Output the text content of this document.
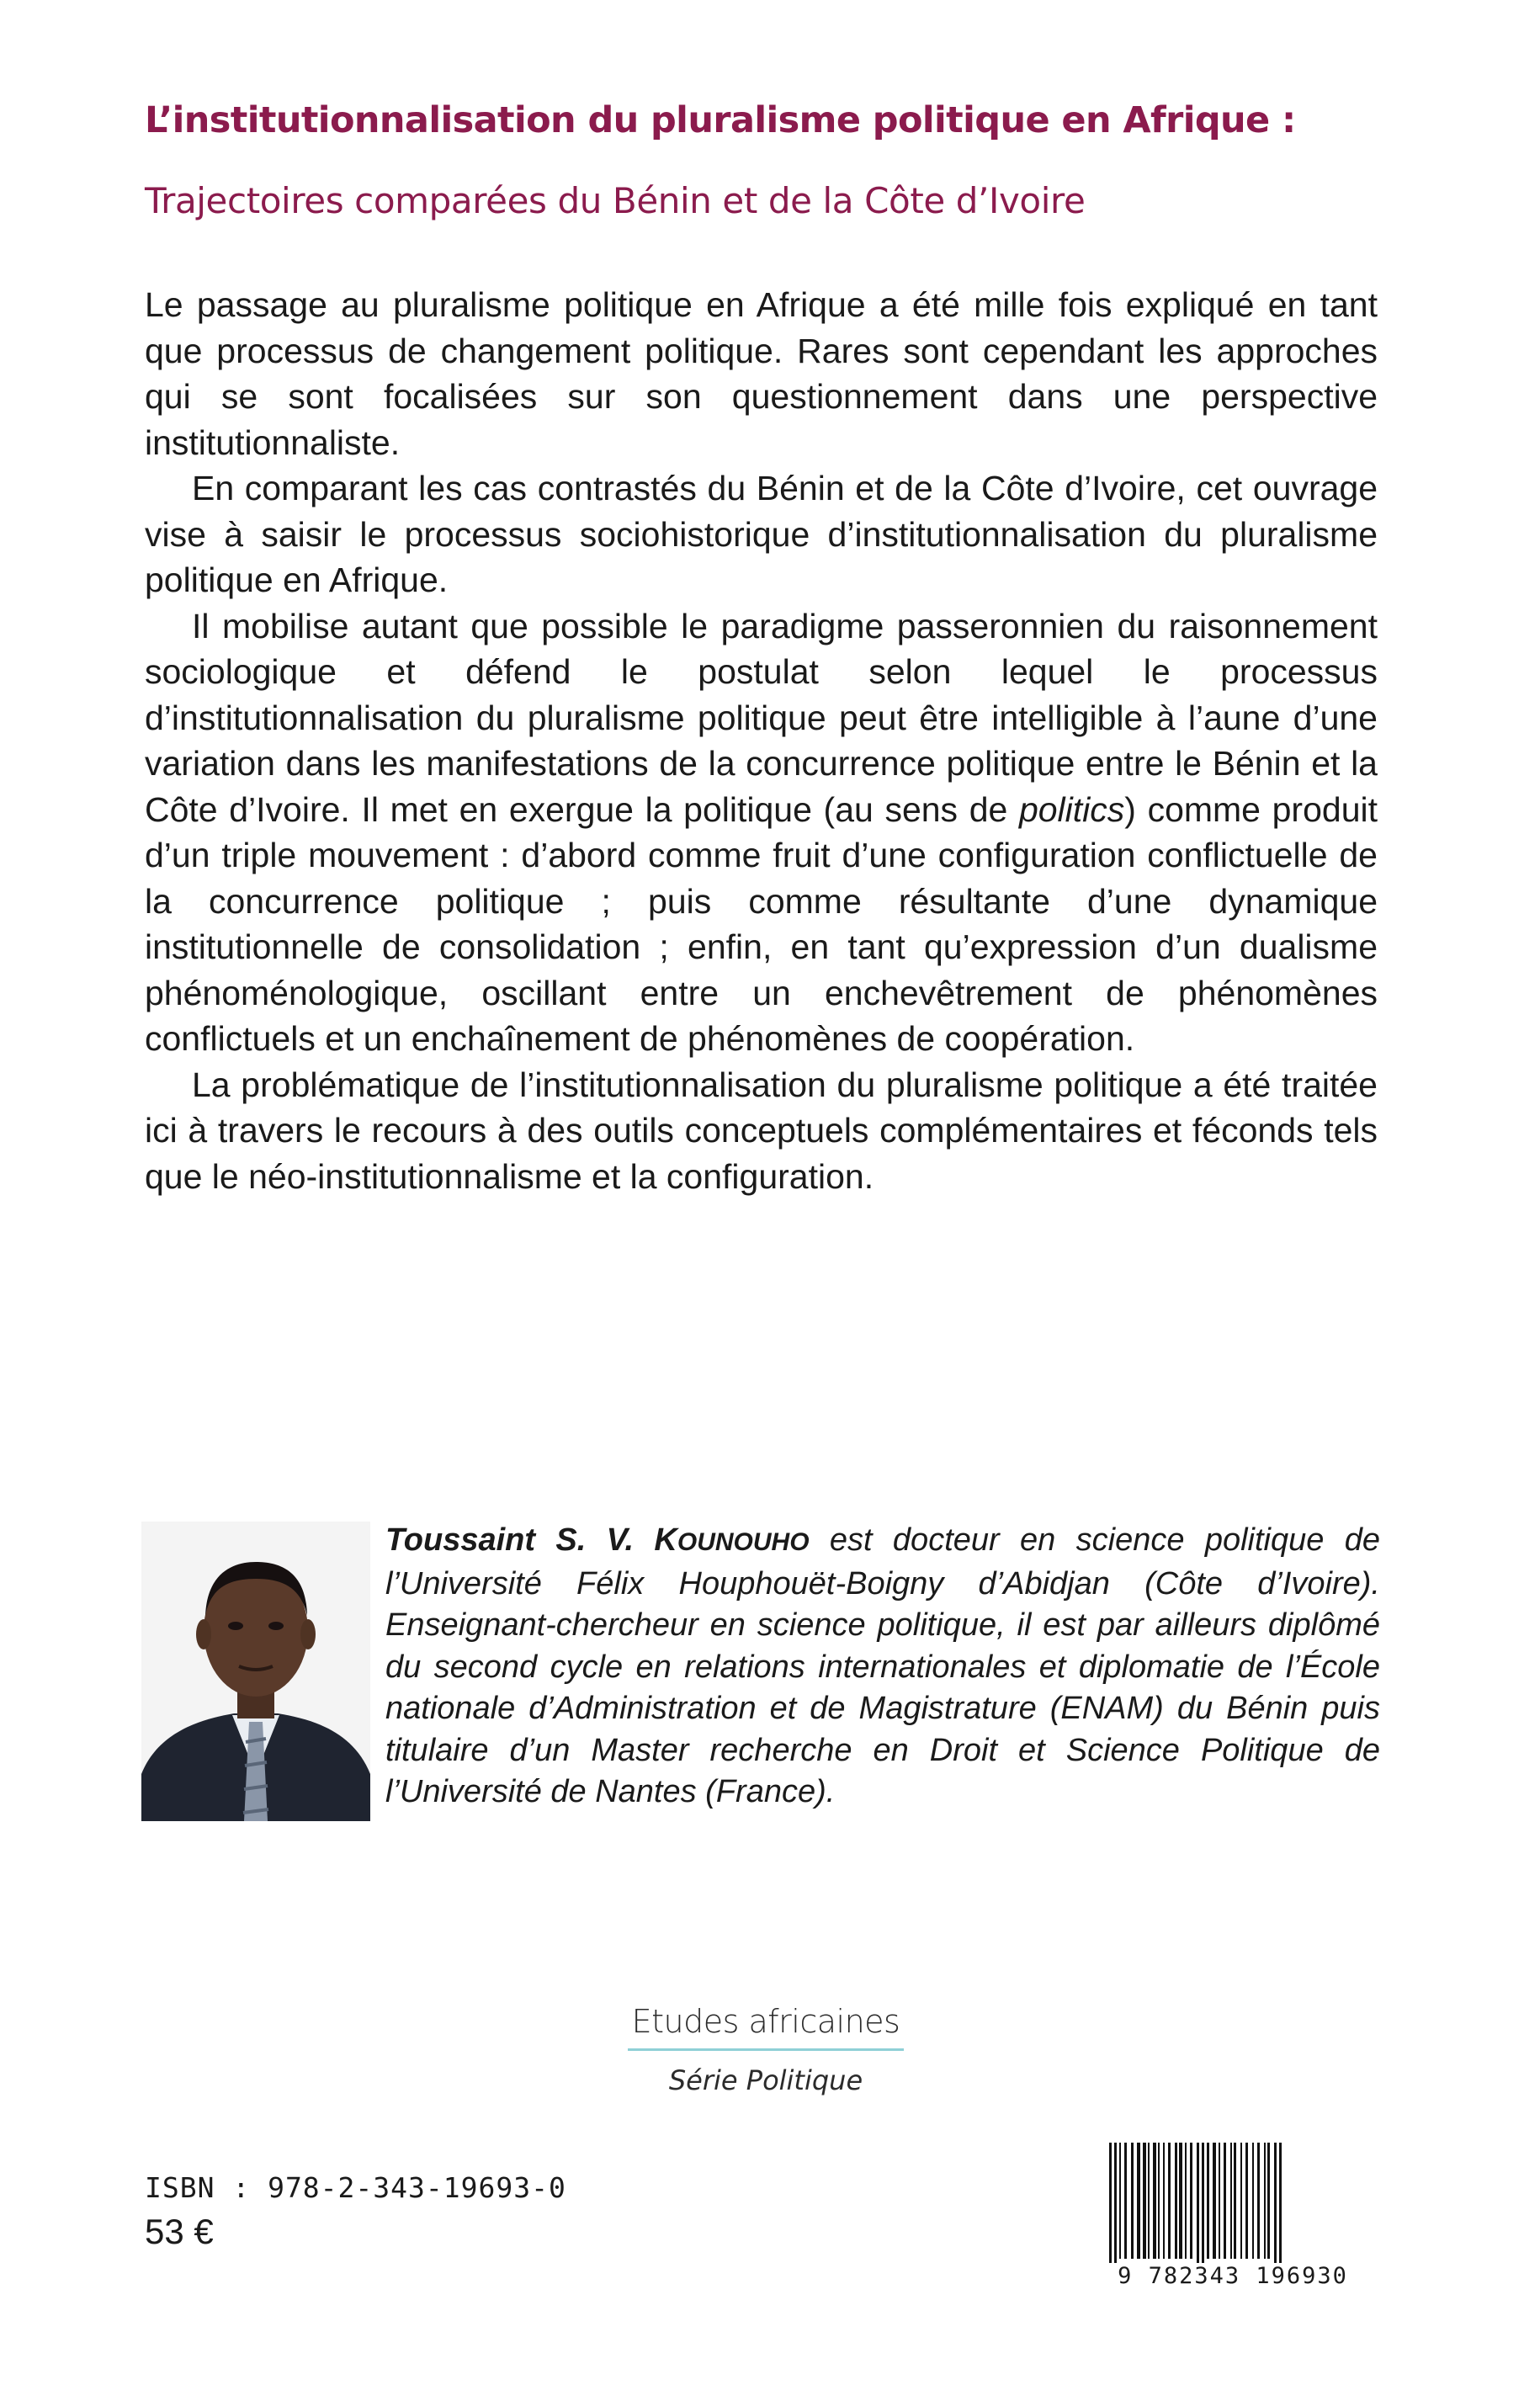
L’institutionnalisation du pluralisme politique en Afrique :
Trajectoires comparées du Bénin et de la Côte d’Ivoire

Le passage au pluralisme politique en Afrique a été mille fois expliqué en tant que processus de changement politique. Rares sont cependant les approches qui se sont focalisées sur son questionnement dans une perspective institutionnaliste.

En comparant les cas contrastés du Bénin et de la Côte d’Ivoire, cet ouvrage vise à saisir le processus sociohistorique d’institutionnalisation du pluralisme politique en Afrique.

Il mobilise autant que possible le paradigme passeronnien du raisonnement sociologique et défend le postulat selon lequel le processus d’institutionnalisation du pluralisme politique peut être intelligible à l’aune d’une variation dans les manifestations de la concurrence politique entre le Bénin et la Côte d’Ivoire. Il met en exergue la politique (au sens de politics) comme produit d’un triple mouvement : d’abord comme fruit d’une configuration conflictuelle de la concurrence politique ; puis comme résultante d’une dynamique institutionnelle de consolidation ; enfin, en tant qu’expression d’un dualisme phénoménologique, oscillant entre un enchevêtrement de phénomènes conflictuels et un enchaînement de phénomènes de coopération.

La problématique de l’institutionnalisation du pluralisme politique a été traitée ici à travers le recours à des outils conceptuels complémentaires et féconds tels que le néo-institutionnalisme et la configuration.

Toussaint S. V. KOUNOUHO est docteur en science politique de l’Université Félix Houphouët-Boigny d’Abidjan (Côte d’Ivoire). Enseignant-chercheur en science politique, il est par ailleurs diplômé du second cycle en relations internationales et diplomatie de l’École nationale d’Administration et de Magistrature (ENAM) du Bénin puis titulaire d’un Master recherche en Droit et Science Politique de l’Université de Nantes (France).

Etudes africaines
Série Politique
ISBN : 978-2-343-19693-0
53 €
9 782343 196930
